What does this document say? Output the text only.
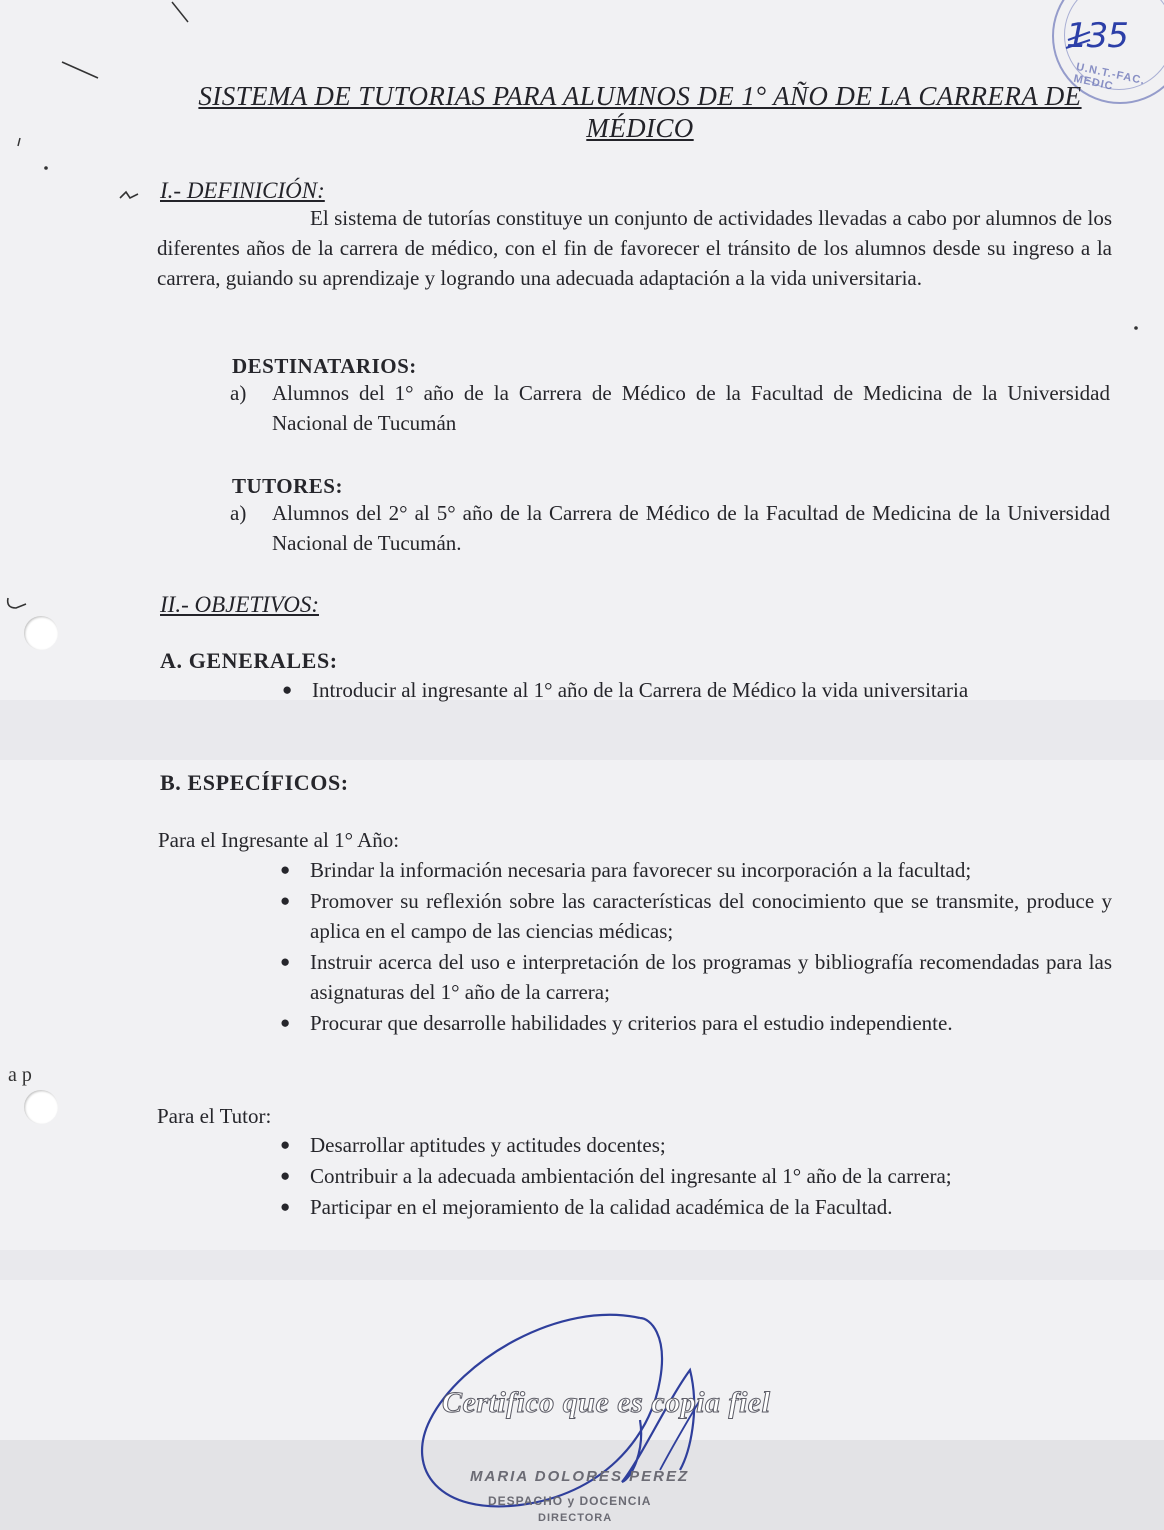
U.N.T.-FAC. MEDIC
135
SISTEMA DE TUTORIAS PARA ALUMNOS DE 1° AÑO DE LA CARRERA DE MÉDICO
I.- DEFINICIÓN:
El sistema de tutorías constituye un conjunto de actividades llevadas a cabo por alumnos de los diferentes años de la carrera de médico, con el fin de favorecer el tránsito de los alumnos desde su ingreso a la carrera, guiando su aprendizaje y logrando una adecuada adaptación a la vida universitaria.
DESTINATARIOS:
a)	Alumnos del 1° año de la Carrera de Médico de la Facultad de Medicina de la Universidad Nacional de Tucumán
TUTORES:
a)	Alumnos del 2° al 5° año de la Carrera de Médico de la Facultad de Medicina de la Universidad Nacional de Tucumán.
II.- OBJETIVOS:
A. GENERALES:
● Introducir al ingresante al 1° año de la Carrera de Médico la vida universitaria
B. ESPECÍFICOS:
Para el Ingresante al 1° Año:
● Brindar la información necesaria para favorecer su incorporación a la facultad;
● Promover su reflexión sobre las características del conocimiento que se transmite, produce y aplica en el campo de las ciencias médicas;
● Instruir acerca del uso e interpretación de los programas y bibliografía recomendadas para las asignaturas del 1° año de la carrera;
● Procurar que desarrolle habilidades y criterios para el estudio independiente.
Para el Tutor:
● Desarrollar aptitudes y actitudes docentes;
● Contribuir a la adecuada ambientación del ingresante al 1° año de la carrera;
● Participar en el mejoramiento de la calidad académica de la Facultad.
a p
Certifico que es copia fiel
MARIA DOLORES PEREZ
DESPACHO y DOCENCIA
DIRECTORA
